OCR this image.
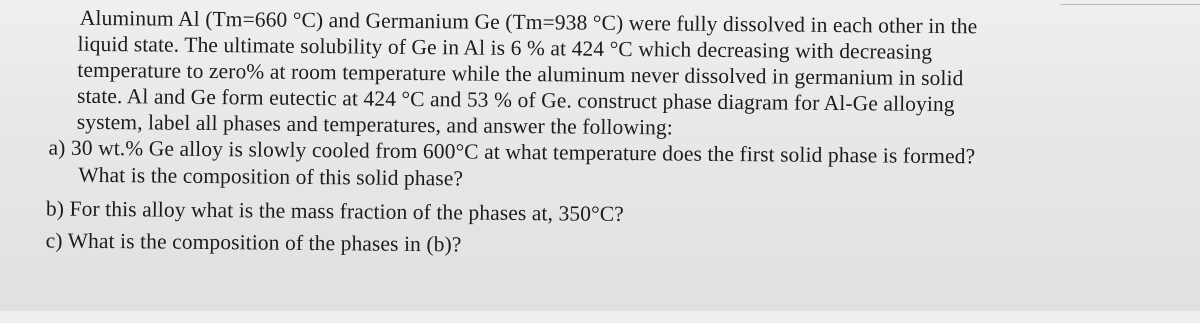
Aluminum Al (Tm=660 °C) and Germanium Ge (Tm=938 °C) were fully dissolved in each other in the
liquid state. The ultimate solubility of Ge in Al is 6 % at 424 °C which decreasing with decreasing
temperature to zero% at room temperature while the aluminum never dissolved in germanium in solid
state. Al and Ge form eutectic at 424 °C and 53 % of Ge. construct phase diagram for Al-Ge alloying
system, label all phases and temperatures, and answer the following:
a) 30 wt.% Ge alloy is slowly cooled from 600°C at what temperature does the first solid phase is formed?
What is the composition of this solid phase?
b) For this alloy what is the mass fraction of the phases at, 350°C?
c) What is the composition of the phases in (b)?
